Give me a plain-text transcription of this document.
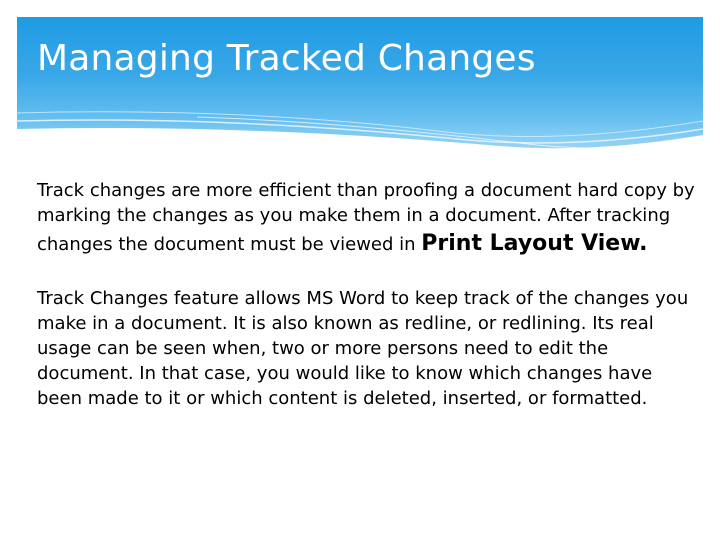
Managing Tracked Changes

Track changes are more efficient than proofing a document hard copy by marking the changes as you make them in a document. After tracking changes the document must be viewed in Print Layout View.

Track Changes feature allows MS Word to keep track of the changes you make in a document. It is also known as redline, or redlining. Its real usage can be seen when, two or more persons need to edit the document. In that case, you would like to know which changes have been made to it or which content is deleted, inserted, or formatted.
